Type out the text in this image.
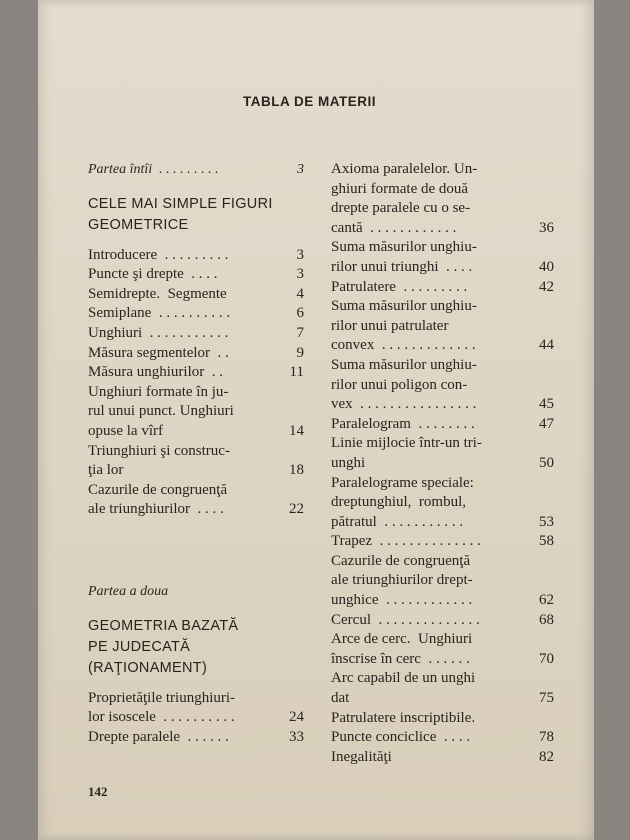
TABLA DE MATERII
Partea întîi  . . . . . . . . .	3
CELE MAI SIMPLE FIGURI
GEOMETRICE
Introducere  . . . . . . . . .	3
Puncte şi drepte  . . . .	3
Semidrepte.  Segmente	4
Semiplane  . . . . . . . . . .	6
Unghiuri  . . . . . . . . . . .	7
Măsura segmentelor  . .	9
Măsura unghiurilor  . .	11
Unghiuri formate în ju-
rul unui punct. Unghiuri
opuse la vîrf	14
Triunghiuri şi construc-
ţia lor	18
Cazurile de congruenţă
ale triunghiurilor  . . . .	22
Partea a doua
GEOMETRIA BAZATĂ
PE JUDECATĂ
(RAŢIONAMENT)
Proprietăţile triunghiuri-
lor isoscele  . . . . . . . . . .	24
Drepte paralele  . . . . . .	33
Axioma paralelelor. Un-
ghiuri formate de două
drepte paralele cu o se-
cantă  . . . . . . . . . . . .	36
Suma măsurilor unghiu-
rilor unui triunghi  . . . .	40
Patrulatere  . . . . . . . . .	42
Suma măsurilor unghiu-
rilor unui patrulater
convex  . . . . . . . . . . . . .	44
Suma măsurilor unghiu-
rilor unui poligon con-
vex  . . . . . . . . . . . . . . . .	45
Paralelogram  . . . . . . . .	47
Linie mijlocie într-un tri-
unghi	50
Paralelograme speciale:
dreptunghiul,  rombul,
pătratul  . . . . . . . . . . .	53
Trapez  . . . . . . . . . . . . . .	58
Cazurile de congruenţă
ale triunghiurilor drept-
unghice  . . . . . . . . . . . .	62
Cercul  . . . . . . . . . . . . . .	68
Arce de cerc.  Unghiuri
înscrise în cerc  . . . . . .	70
Arc capabil de un unghi
dat	75
Patrulatere inscriptibile.
Puncte conciclice  . . . .	78
Inegalităţi	82
142
